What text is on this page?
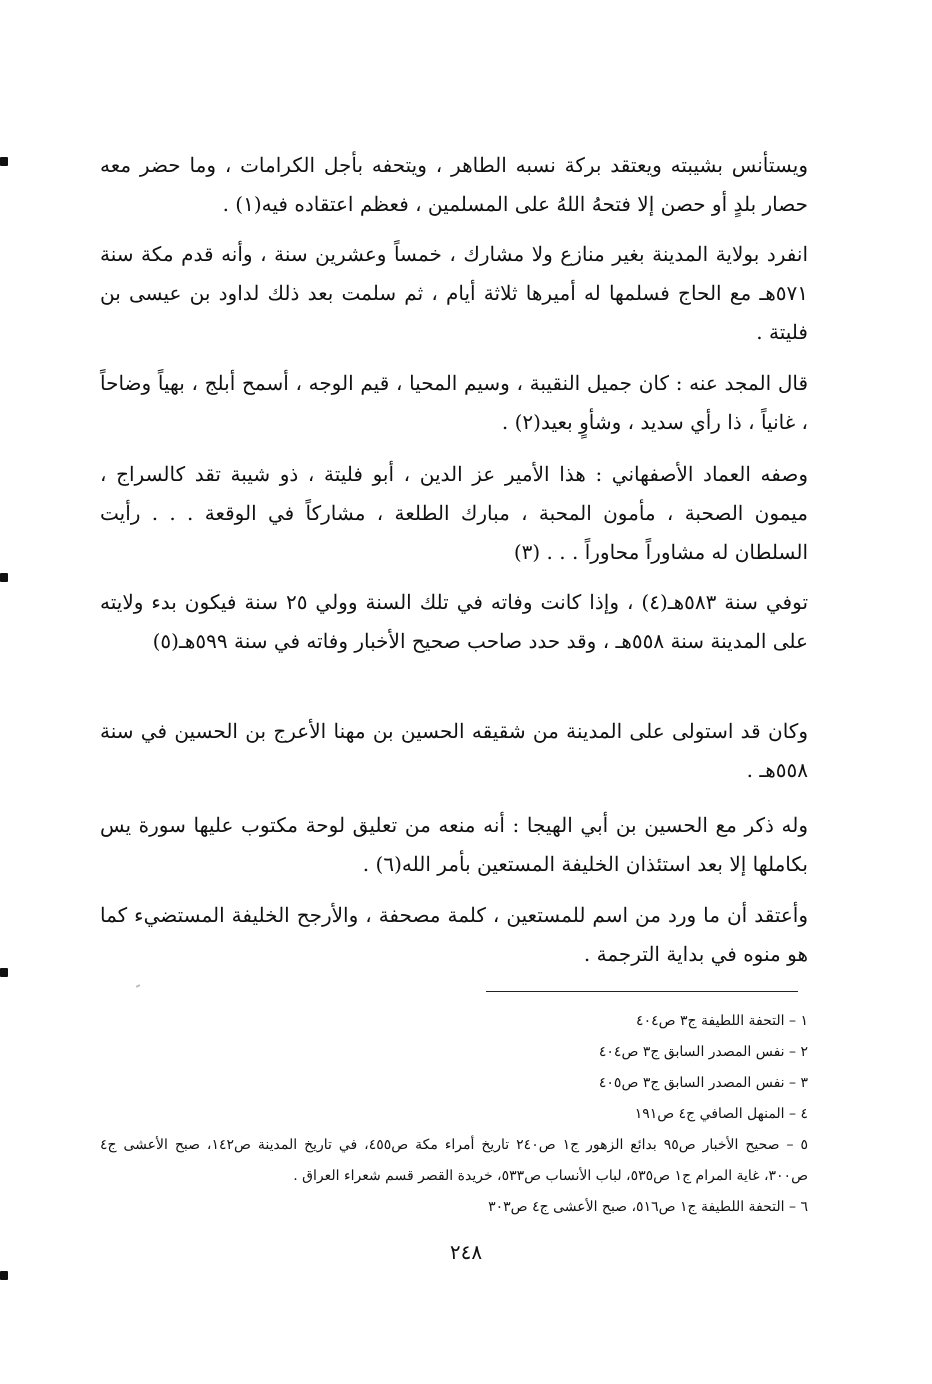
ويستأنس بشيبته ويعتقد بركة نسبه الطاهر ، ويتحفه بأجل الكرامات ، وما حضر معه حصار بلدٍ أو حصن إلا فتحهُ اللهُ على المسلمين ، فعظم اعتقاده فيه(١) .

انفرد بولاية المدينة بغير منازع ولا مشارك ، خمساً وعشرين سنة ، وأنه قدم مكة سنة ٥٧١هـ مع الحاج فسلمها له أميرها ثلاثة أيام ، ثم سلمت بعد ذلك لداود بن عيسى بن فليتة .

قال المجد عنه : كان جميل النقيبة ، وسيم المحيا ، قيم الوجه ، أسمح أبلج ، بهياً وضاحاً ، غانياً ، ذا رأي سديد ، وشأوٍ بعيد(٢) .

وصفه العماد الأصفهاني : هذا الأمير عز الدين ، أبو فليتة ، ذو شيبة تقد كالسراج ، ميمون الصحبة ، مأمون المحبة ، مبارك الطلعة ، مشاركاً في الوقعة . . . رأيت السلطان له مشاوراً محاوراً . . . (٣)

توفي سنة ٥٨٣هـ(٤) ، وإذا كانت وفاته في تلك السنة وولي ٢٥ سنة فيكون بدء ولايته على المدينة سنة ٥٥٨هـ ، وقد حدد صاحب صحيح الأخبار وفاته في سنة ٥٩٩هـ(٥)

وكان قد استولى على المدينة من شقيقه الحسين بن مهنا الأعرج بن الحسين في سنة ٥٥٨هـ .

وله ذكر مع الحسين بن أبي الهيجا : أنه منعه من تعليق لوحة مكتوب عليها سورة يس بكاملها إلا بعد استئذان الخليفة المستعين بأمر الله(٦) .

وأعتقد أن ما ورد من اسم للمستعين ، كلمة مصحفة ، والأرجح الخليفة المستضيء كما هو منوه في بداية الترجمة .

١ – التحفة اللطيفة ج٣ ص٤٠٤

٢ – نفس المصدر السابق ج٣ ص٤٠٤

٣ – نفس المصدر السابق ج٣ ص٤٠٥

٤ – المنهل الصافي ج٤ ص١٩١

٥ – صحيح الأخبار ص٩٥ بدائع الزهور ج١ ص٢٤٠ تاريخ أمراء مكة ص٤٥٥، في تاريخ المدينة ص١٤٢، صبح الأعشى ج٤ ص٣٠٠، غاية المرام ج١ ص٥٣٥، لباب الأنساب ص٥٣٣، خريدة القصر قسم شعراء العراق .

٦ – التحفة اللطيفة ج١ ص٥١٦، صبح الأعشى ج٤ ص٣٠٣

٢٤٨
